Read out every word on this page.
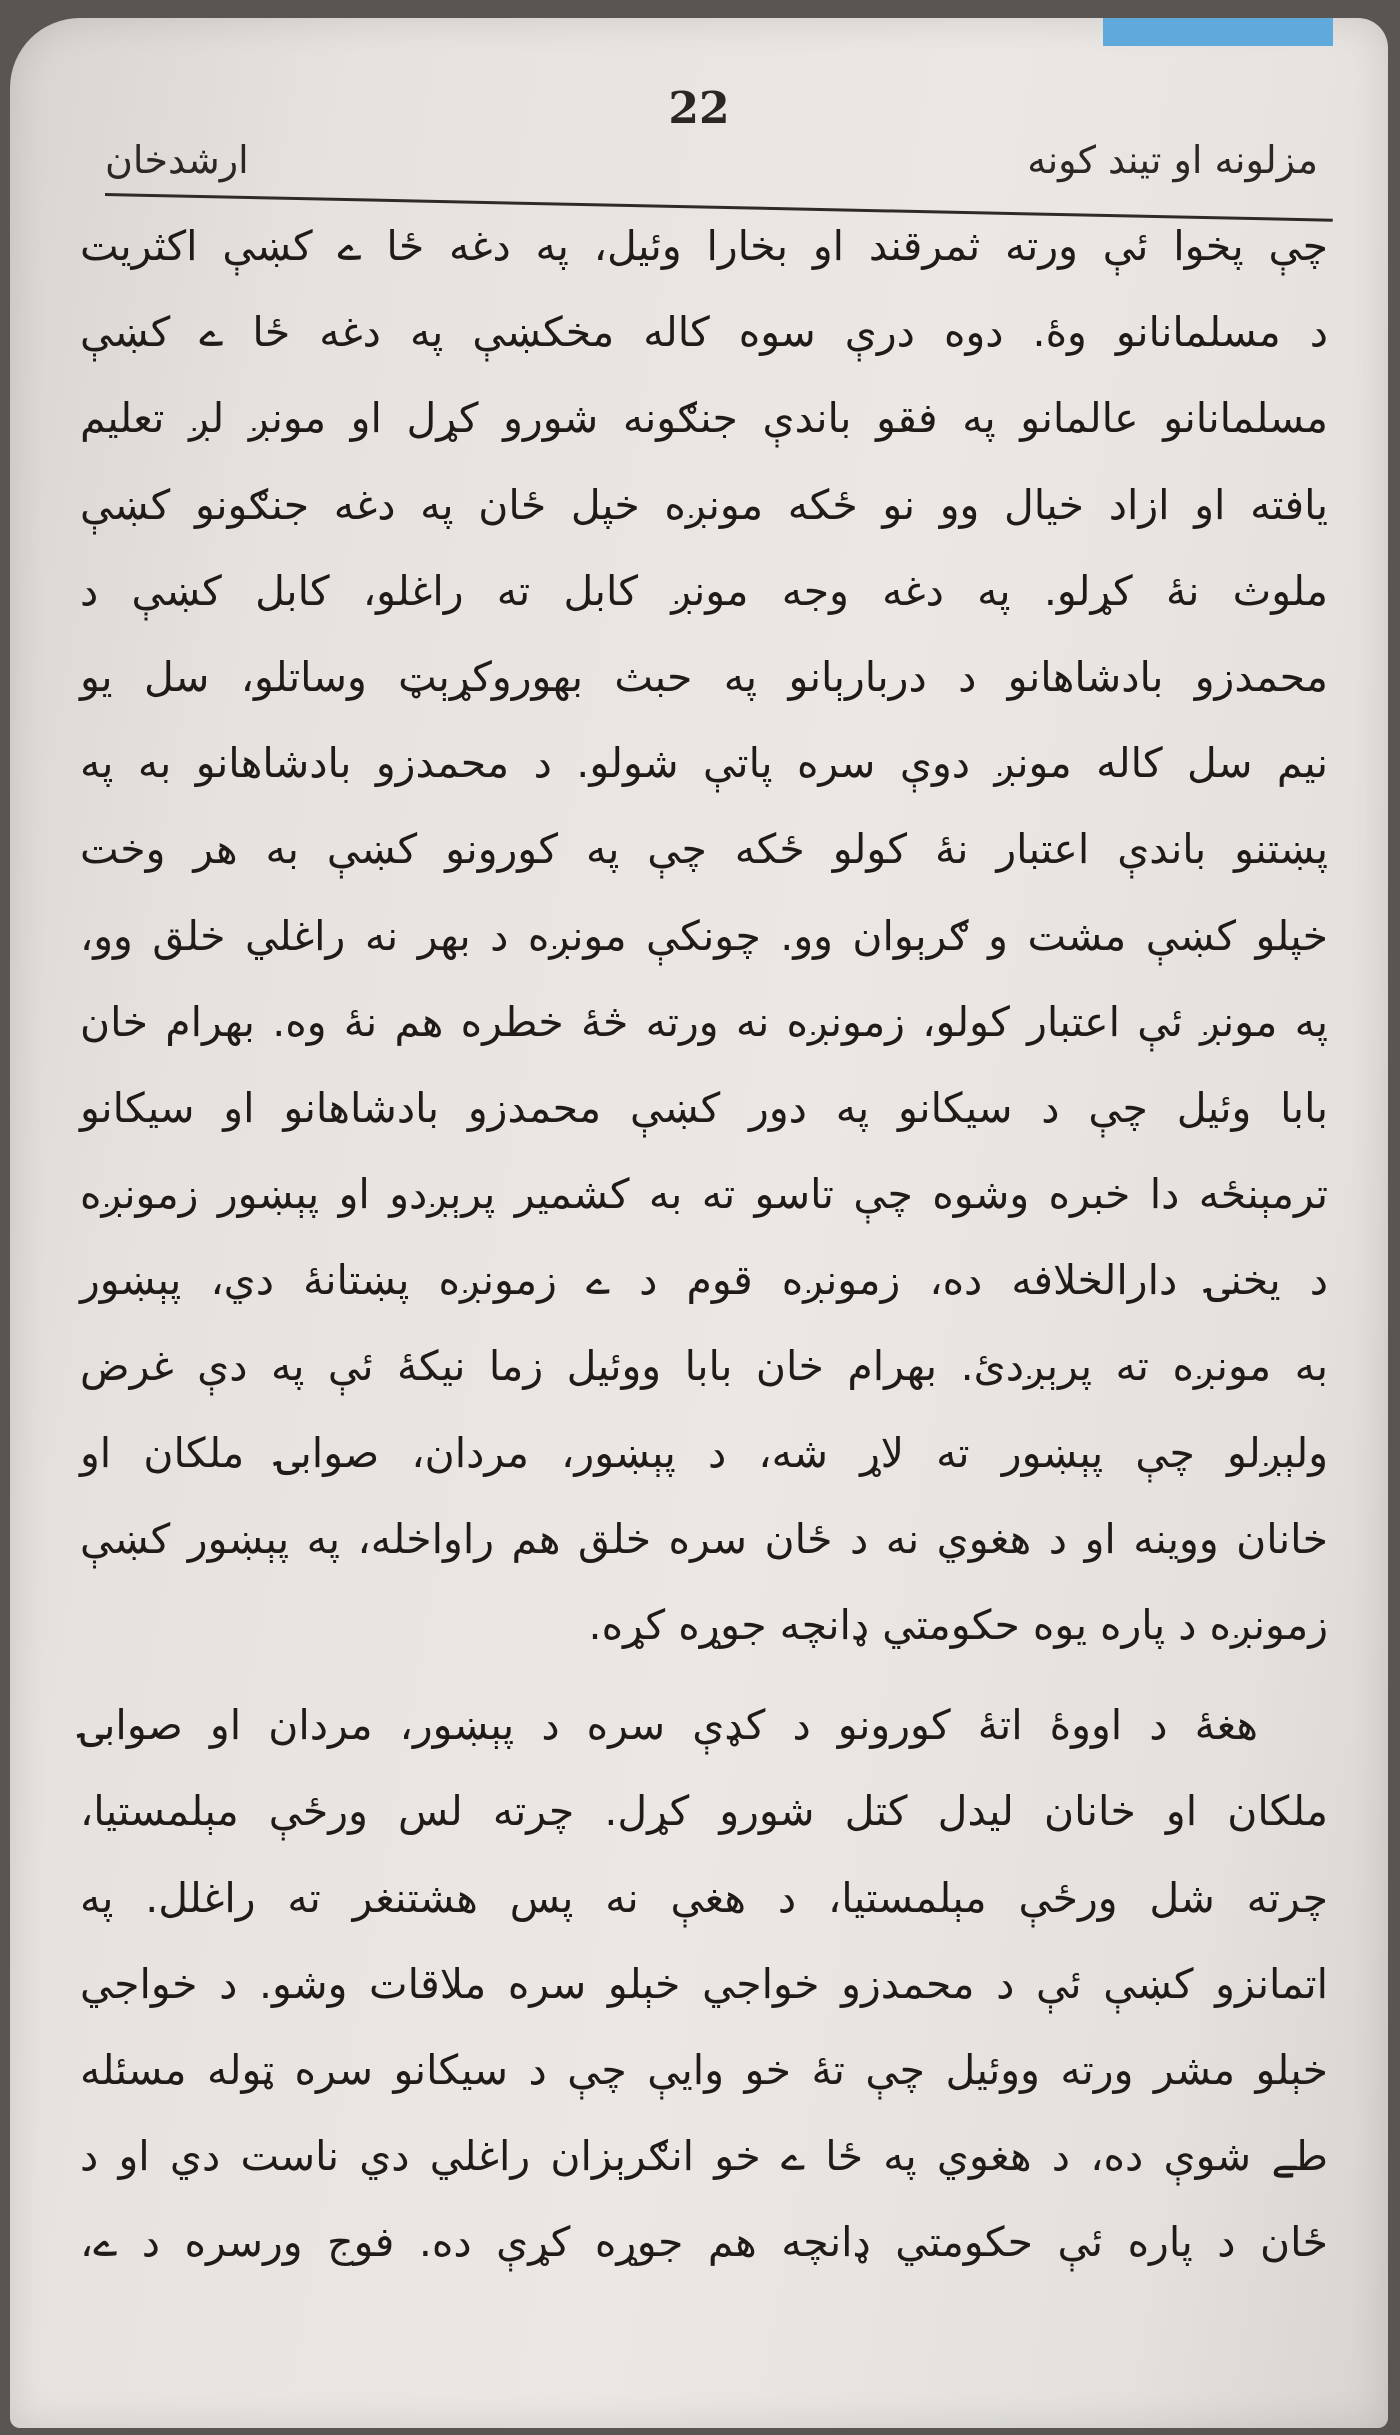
22
مزلونه او تیند کونه
ارشدخان
چې پخوا ئې ورته ثمرقند او بخارا وئیل، په دغه ځا ے کښې اکثریت
د مسلمانانو وۀ. دوه درې سوه کاله مخکښې په دغه ځا ے کښې
مسلمانانو عالمانو په فقو باندې جنګونه شورو کړل او مونږ لږ تعلیم
یافته او ازاد خیال وو نو ځکه مونږه خپل ځان په دغه جنګونو کښې
ملوث نۀ کړلو. په دغه وجه مونږ کابل ته راغلو، کابل کښې د
محمدزو بادشاهانو د دربارېانو په حبث بهوروکړېټ وساتلو، سل یو
نیم سل کاله مونږ دوې سره پاتې شولو. د محمدزو بادشاهانو به په
پښتنو باندې اعتبار نۀ کولو ځکه چې په کورونو کښې به هر وخت
خپلو کښې مشت و ګرېوان وو. چونکې مونږه د بهر نه راغلي خلق وو،
په مونږ ئې اعتبار کولو، زمونږه نه ورته څۀ خطره هم نۀ وه. بهرام خان
بابا وئیل چې د سیکانو په دور کښې محمدزو بادشاهانو او سیکانو
ترمېنځه دا خبره وشوه چې تاسو ته به کشمیر پرېږدو او پېښور زمونږه
د یخنۍ دارالخلافه ده، زمونږه قوم د ے زمونږه پښتانۀ دي، پېښور
به مونږه ته پرېږدئ. بهرام خان بابا ووئیل زما نیکۀ ئې په دې غرض
ولېږلو چې پېښور ته لاړ شه، د پېښور، مردان، صوابۍ ملکان او
خانان ووینه او د هغوي نه د ځان سره خلق هم راواخله، په پېښور کښې
زمونږه د پاره یوه حکومتي ډانچه جوړه کړه.
هغۀ د اووۀ اتۀ کورونو د کډې سره د پېښور، مردان او صوابۍ
ملکان او خانان لیدل کتل شورو کړل. چرته لس ورځې مېلمستیا،
چرته شل ورځې مېلمستیا، د هغې نه پس هشتنغر ته راغلل. په
اتمانزو کښې ئې د محمدزو خواجي خېلو سره ملاقات وشو. د خواجي
خېلو مشر ورته ووئیل چې تۀ خو وایې چې د سیکانو سره ټوله مسئله
طے شوې ده، د هغوي په ځا ے خو انګرېزان راغلي دي ناست دي او د
ځان د پاره ئې حکومتي ډانچه هم جوړه کړې ده. فوج ورسره د ے،
